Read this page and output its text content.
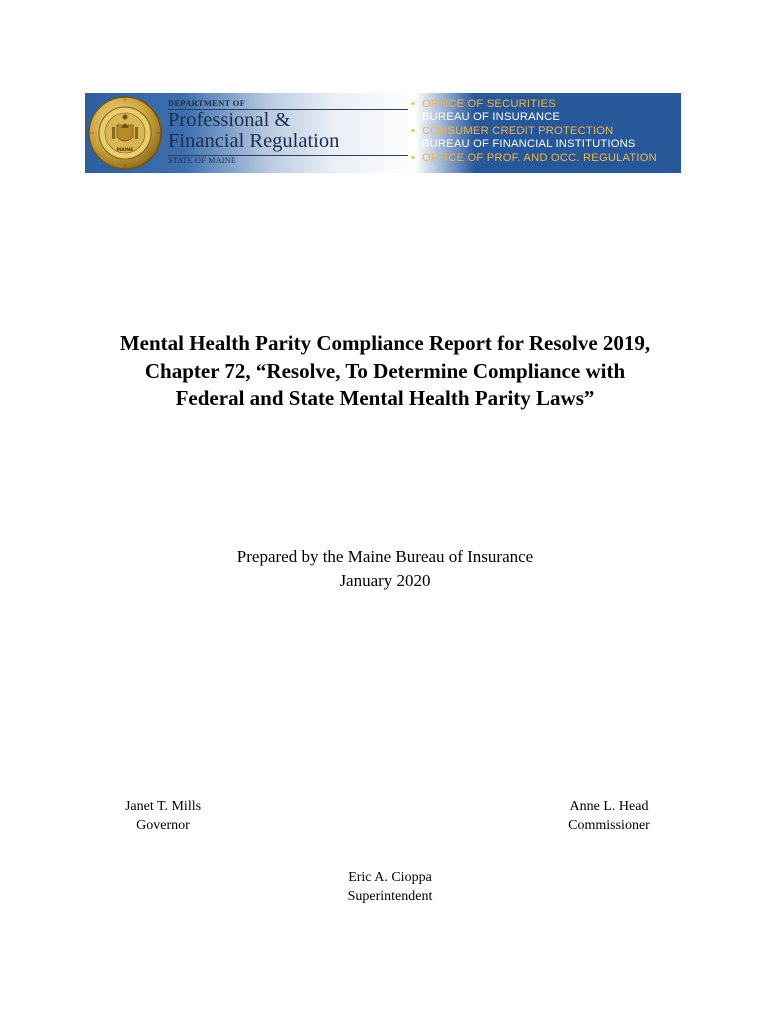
MAINE
DEPARTMENT OF
Professional &
Financial Regulation
STATE OF MAINE
• OFFICE OF SECURITIES
• BUREAU OF INSURANCE
• CONSUMER CREDIT PROTECTION
• BUREAU OF FINANCIAL INSTITUTIONS
• OFFICE OF PROF. AND OCC. REGULATION
Mental Health Parity Compliance Report for Resolve 2019,
Chapter 72, “Resolve, To Determine Compliance with
Federal and State Mental Health Parity Laws”
Prepared by the Maine Bureau of Insurance
January 2020
Janet T. Mills
Governor
Anne L. Head
Commissioner
Eric A. Cioppa
Superintendent
